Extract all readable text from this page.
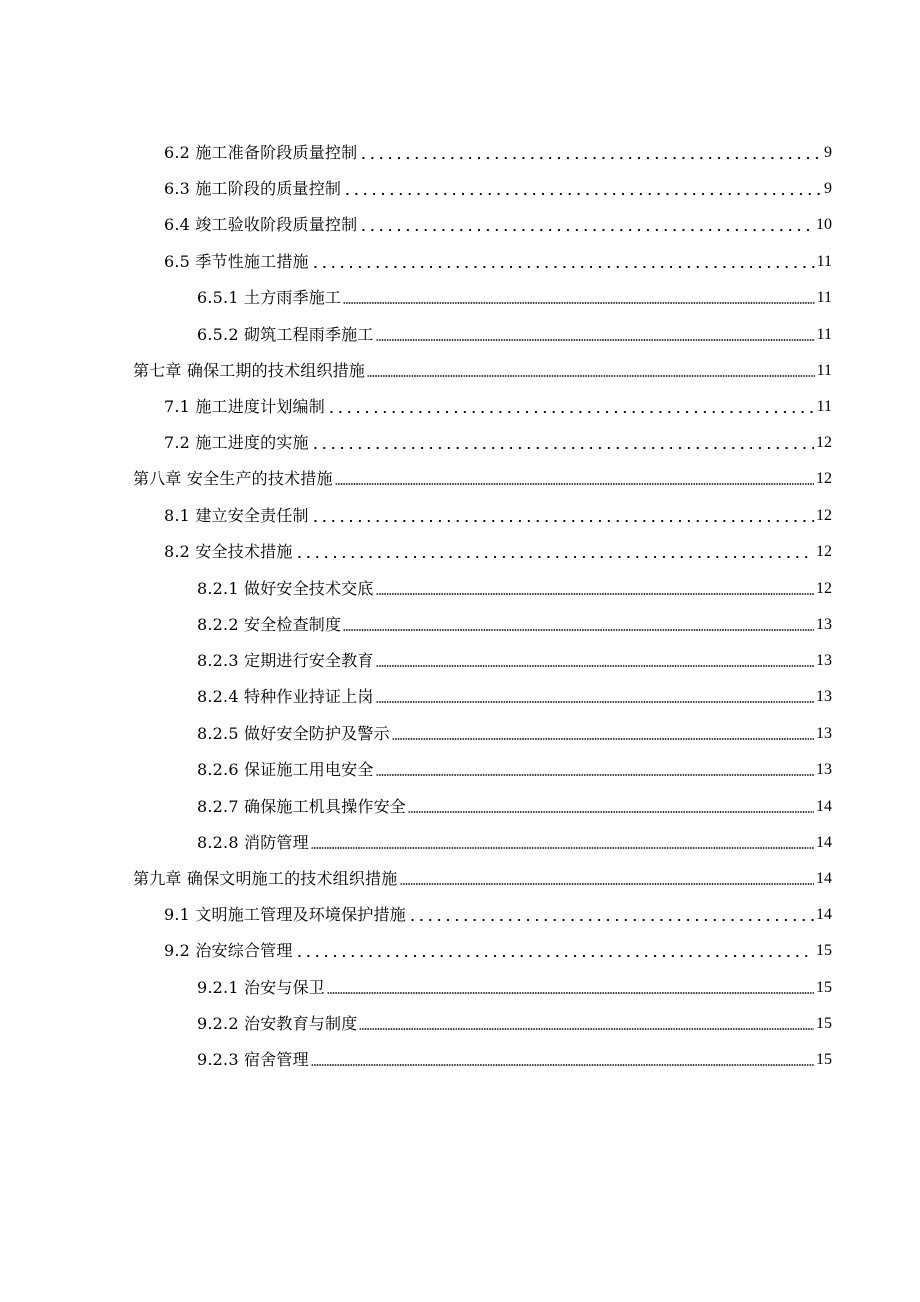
6.2 施工准备阶段质量控制	9
6.3 施工阶段的质量控制	9
6.4 竣工验收阶段质量控制	10
6.5 季节性施工措施	11
6.5.1 土方雨季施工	11
6.5.2 砌筑工程雨季施工	11
第七章 确保工期的技术组织措施	11
7.1 施工进度计划编制	11
7.2 施工进度的实施	12
第八章 安全生产的技术措施	12
8.1 建立安全责任制	12
8.2 安全技术措施	12
8.2.1 做好安全技术交底	12
8.2.2 安全检查制度	13
8.2.3 定期进行安全教育	13
8.2.4 特种作业持证上岗	13
8.2.5 做好安全防护及警示	13
8.2.6 保证施工用电安全	13
8.2.7 确保施工机具操作安全	14
8.2.8 消防管理	14
第九章 确保文明施工的技术组织措施	14
9.1 文明施工管理及环境保护措施	14
9.2 治安综合管理	15
9.2.1 治安与保卫	15
9.2.2 治安教育与制度	15
9.2.3 宿舍管理	15
